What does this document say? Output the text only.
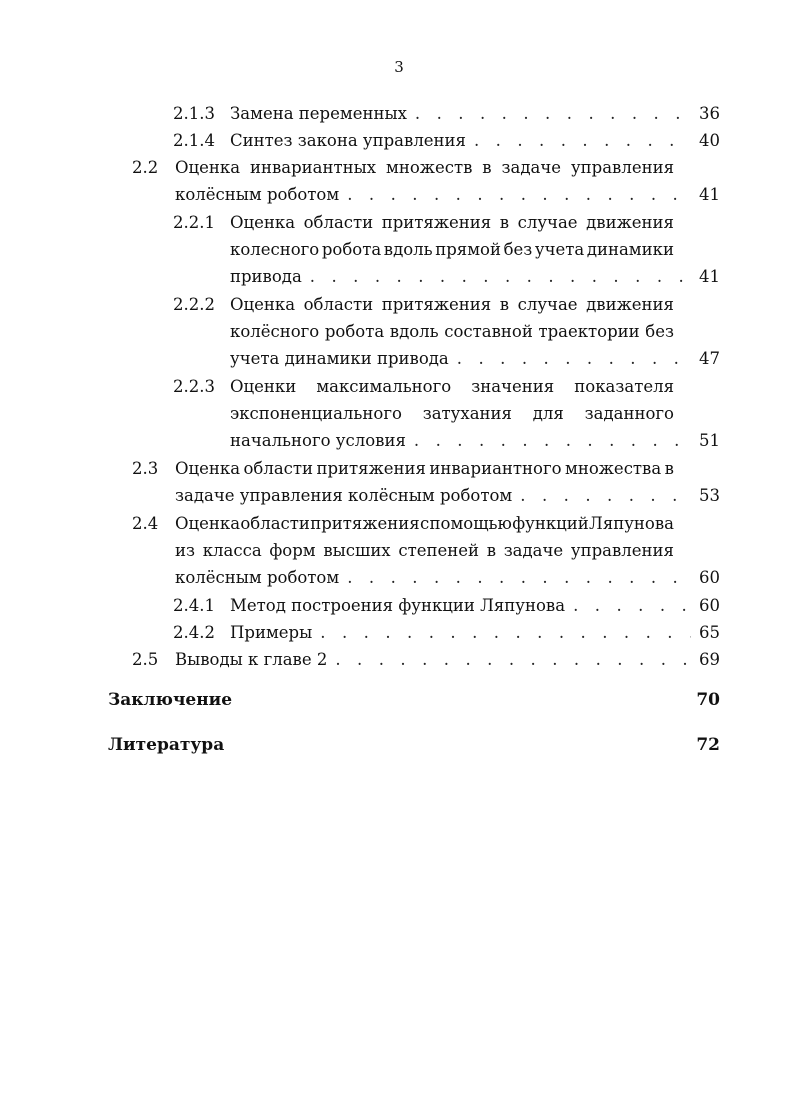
3
2.1.3 Замена переменных . . .	36
2.1.4 Синтез закона управления . . .	40
2.2 Оценка инвариантных множеств в задаче управления
колёсным роботом . . .	41
2.2.1 Оценка области притяжения в случае движения
колесного робота вдоль прямой без учета динамики
привода . . .	41
2.2.2 Оценка области притяжения в случае движения
колёсного робота вдоль составной траектории без
учета динамики привода . . .	47
2.2.3 Оценки максимального значения показателя
экспоненциального затухания для заданного
начального условия . . .	51
2.3 Оценка области притяжения инвариантного множества в
задаче управления колёсным роботом . . .	53
2.4 Оценка области притяжения с помощью функций Ляпунова
из класса форм высших степеней в задаче управления
колёсным роботом . . .	60
2.4.1 Метод построения функции Ляпунова . . .	60
2.4.2 Примеры . . .	65
2.5 Выводы к главе 2 . . .	69
Заключение	70
Литература	72
